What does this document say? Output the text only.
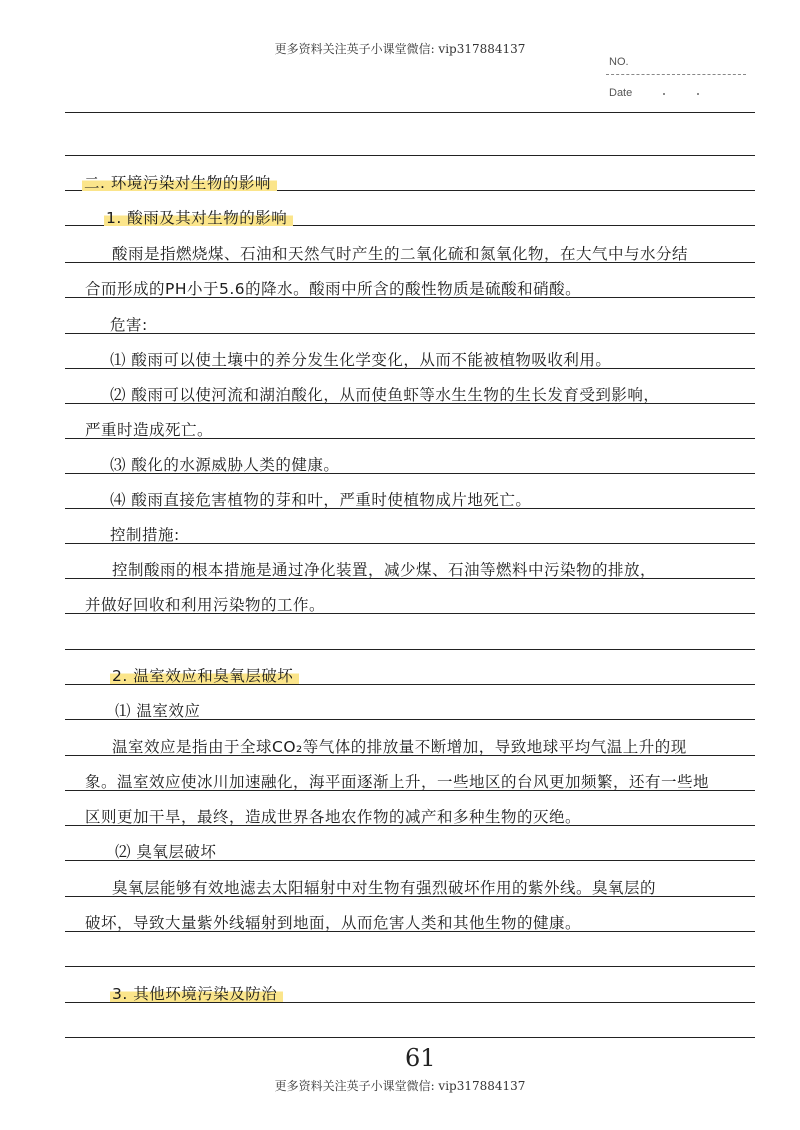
更多资料关注英子小课堂微信: vip317884137
NO.
Date
二. 环境污染对生物的影响
1. 酸雨及其对生物的影响
酸雨是指燃烧煤、石油和天然气时产生的二氧化硫和氮氧化物，在大气中与水分结
合而形成的PH小于5.6的降水。酸雨中所含的酸性物质是硫酸和硝酸。
危害:
⑴ 酸雨可以使土壤中的养分发生化学变化，从而不能被植物吸收利用。
⑵ 酸雨可以使河流和湖泊酸化，从而使鱼虾等水生生物的生长发育受到影响，
严重时造成死亡。
⑶ 酸化的水源威胁人类的健康。
⑷ 酸雨直接危害植物的芽和叶，严重时使植物成片地死亡。
控制措施:
控制酸雨的根本措施是通过净化装置，减少煤、石油等燃料中污染物的排放，
并做好回收和利用污染物的工作。
2. 温室效应和臭氧层破坏
⑴ 温室效应
温室效应是指由于全球CO₂等气体的排放量不断增加，导致地球平均气温上升的现
象。温室效应使冰川加速融化，海平面逐渐上升，一些地区的台风更加频繁，还有一些地
区则更加干旱，最终，造成世界各地农作物的减产和多种生物的灭绝。
⑵ 臭氧层破坏
臭氧层能够有效地滤去太阳辐射中对生物有强烈破坏作用的紫外线。臭氧层的
破坏，导致大量紫外线辐射到地面，从而危害人类和其他生物的健康。
3. 其他环境污染及防治
61
更多资料关注英子小课堂微信: vip317884137
